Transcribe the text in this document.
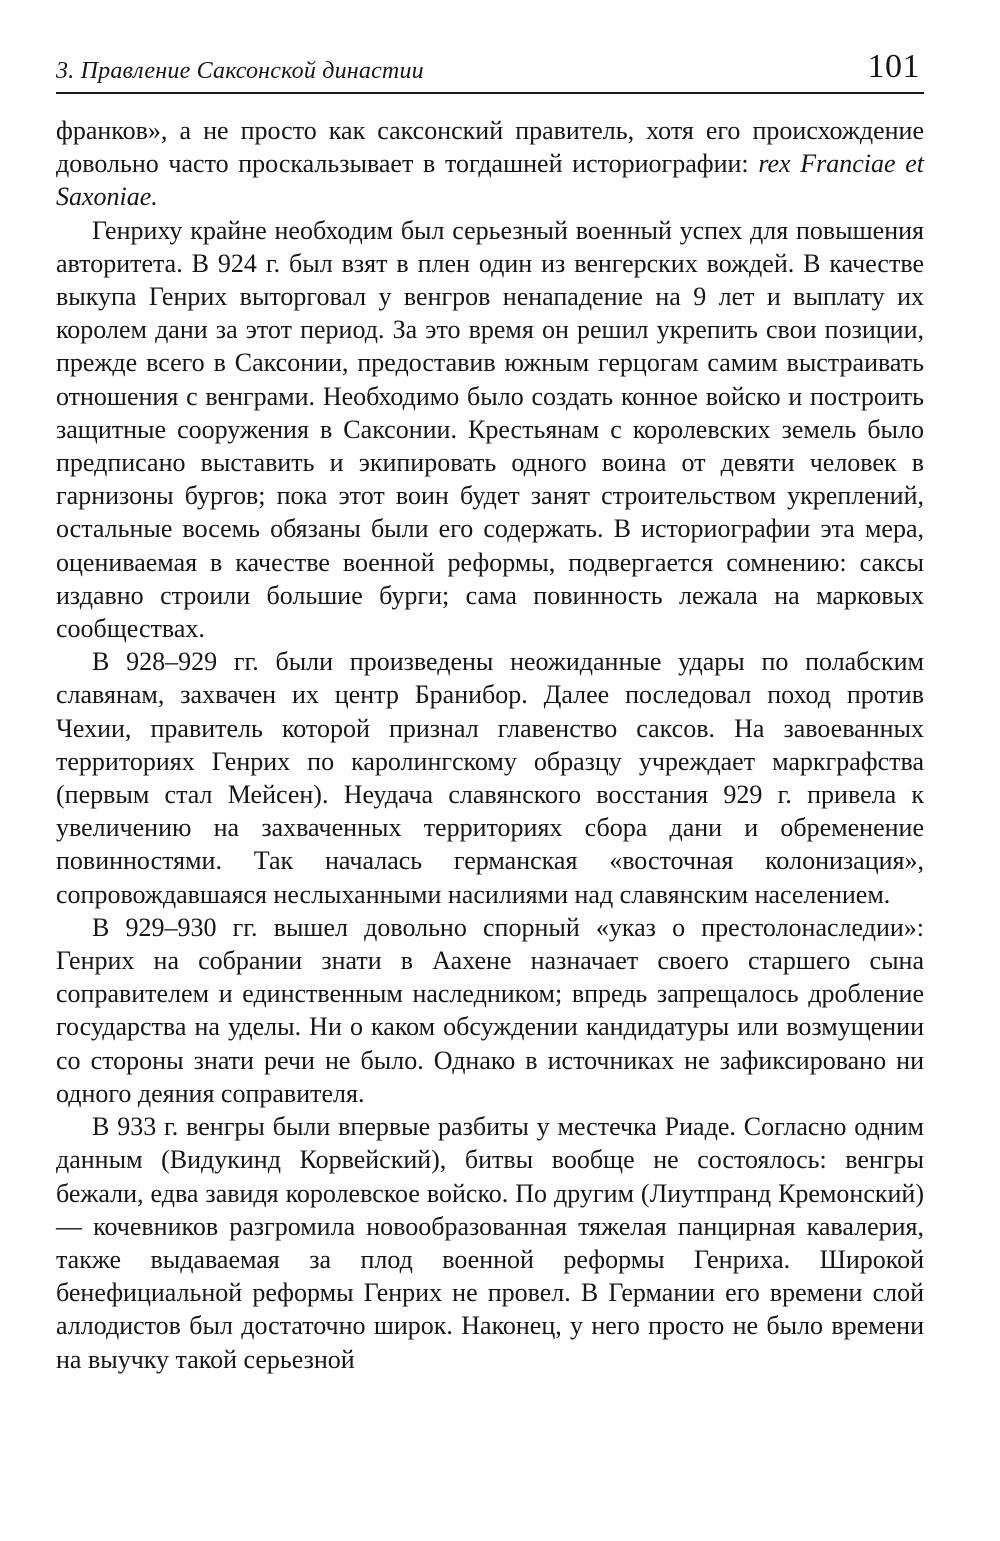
3. Правление Саксонской династии	101

франков», а не просто как саксонский правитель, хотя его происхождение довольно часто проскальзывает в тогдашней историографии: rex Franciae et Saxoniae.

Генриху крайне необходим был серьезный военный успех для повышения авторитета. В 924 г. был взят в плен один из венгерских вождей. В качестве выкупа Генрих выторговал у венгров ненападение на 9 лет и выплату их королем дани за этот период. За это время он решил укрепить свои позиции, прежде всего в Саксонии, предоставив южным герцогам самим выстраивать отношения с венграми. Необходимо было создать конное войско и построить защитные сооружения в Саксонии. Крестьянам с королевских земель было предписано выставить и экипировать одного воина от девяти человек в гарнизоны бургов; пока этот воин будет занят строительством укреплений, остальные восемь обязаны были его содержать. В историографии эта мера, оцениваемая в качестве военной реформы, подвергается сомнению: саксы издавно строили большие бурги; сама повинность лежала на марковых сообществах.

В 928–929 гг. были произведены неожиданные удары по полабским славянам, захвачен их центр Бранибор. Далее последовал поход против Чехии, правитель которой признал главенство саксов. На завоеванных территориях Генрих по каролингскому образцу учреждает маркграфства (первым стал Мейсен). Неудача славянского восстания 929 г. привела к увеличению на захваченных территориях сбора дани и обременение повинностями. Так началась германская «восточная колонизация», сопровождавшаяся неслыханными насилиями над славянским населением.

В 929–930 гг. вышел довольно спорный «указ о престолонаследии»: Генрих на собрании знати в Аахене назначает своего старшего сына соправителем и единственным наследником; впредь запрещалось дробление государства на уделы. Ни о каком обсуждении кандидатуры или возмущении со стороны знати речи не было. Однако в источниках не зафиксировано ни одного деяния соправителя.

В 933 г. венгры были впервые разбиты у местечка Риаде. Согласно одним данным (Видукинд Корвейский), битвы вообще не состоялось: венгры бежали, едва завидя королевское войско. По другим (Лиутпранд Кремонский) — кочевников разгромила новообразованная тяжелая панцирная кавалерия, также выдаваемая за плод военной реформы Генриха. Широкой бенефициальной реформы Генрих не провел. В Германии его времени слой аллодистов был достаточно широк. Наконец, у него просто не было времени на выучку такой серьезной
